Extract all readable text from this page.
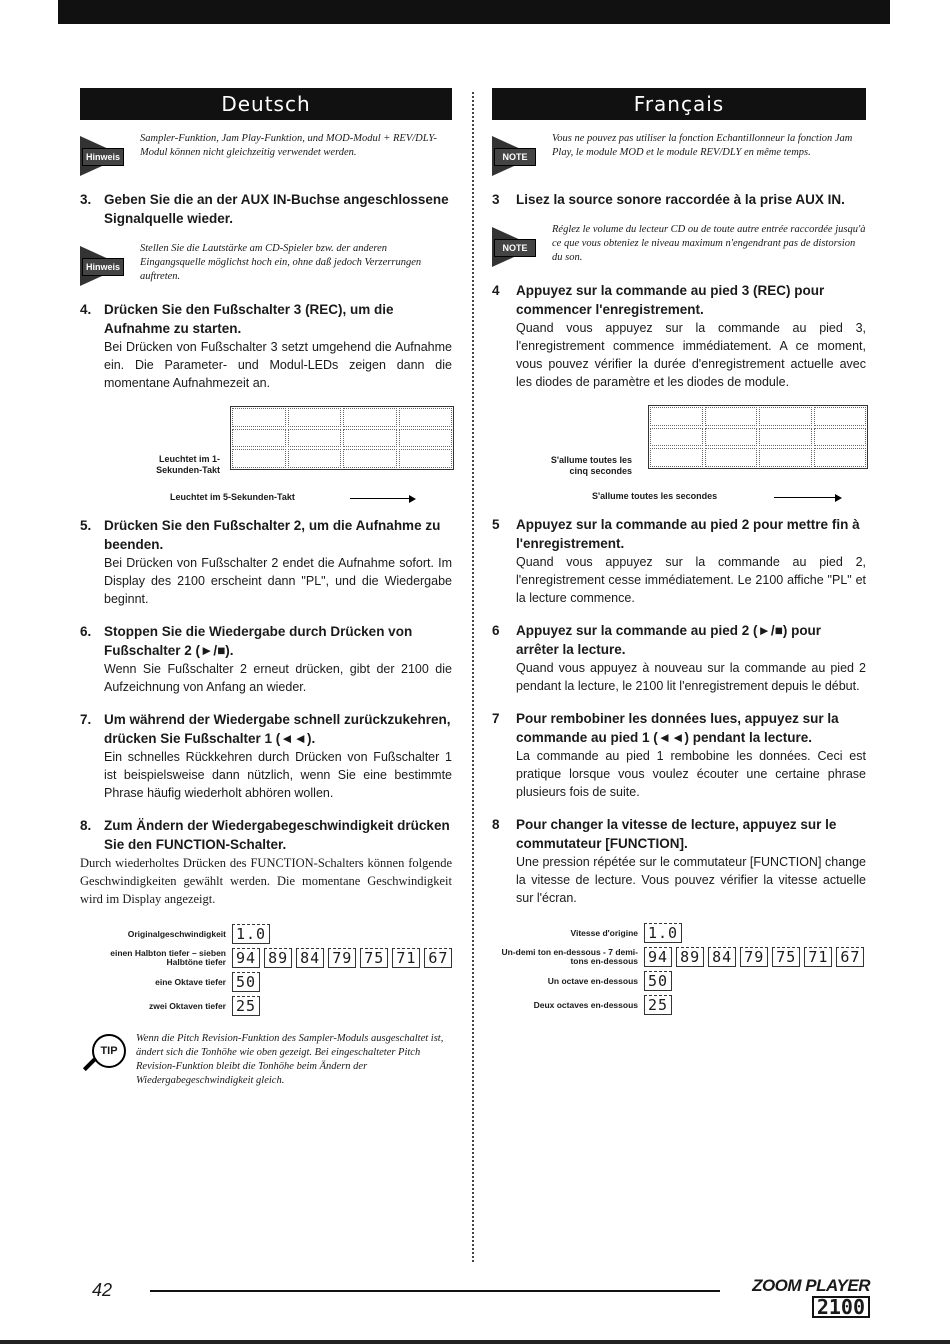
Deutsch
Hinweis
Sampler-Funktion, Jam Play-Funktion, und MOD-Modul + REV/DLY-Modul können nicht gleichzeitig verwendet werden.
3. Geben Sie die an der AUX IN-Buchse angeschlossene Signalquelle wieder.
Hinweis
Stellen Sie die Lautstärke am CD-Spieler bzw. der anderen Eingangsquelle möglichst hoch ein, ohne daß jedoch Verzerrungen auftreten.
4. Drücken Sie den Fußschalter 3 (REC), um die Aufnahme zu starten.
Bei Drücken von Fußschalter 3 setzt umgehend die Aufnahme ein. Die Parameter- und Modul-LEDs zeigen dann die momentane Aufnahmezeit an.
Leuchtet im 1-Sekunden-Takt
Leuchtet im 5-Sekunden-Takt
5. Drücken Sie den Fußschalter 2, um die Aufnahme zu beenden.
Bei Drücken von Fußschalter 2 endet die Aufnahme sofort. Im Display des 2100 erscheint dann "PL", und die Wiedergabe beginnt.
6. Stoppen Sie die Wiedergabe durch Drücken von Fußschalter 2 (►/■).
Wenn Sie Fußschalter 2 erneut drücken, gibt der 2100 die Aufzeichnung von Anfang an wieder.
7. Um während der Wiedergabe schnell zurückzukehren, drücken Sie Fußschalter 1 (◄◄).
Ein schnelles Rückkehren durch Drücken von Fußschalter 1 ist beispielsweise dann nützlich, wenn Sie eine bestimmte Phrase häufig wiederholt abhören wollen.
8. Zum Ändern der Wiedergabegeschwindigkeit drücken Sie den FUNCTION-Schalter.
Durch wiederholtes Drücken des FUNCTION-Schalters können folgende Geschwindigkeiten gewählt werden. Die momentane Geschwindigkeit wird im Display angezeigt.
Originalgeschwindigkeit 1.0
einen Halbton tiefer – sieben Halbtöne tiefer 94 89 84 79 75 71 67
eine Oktave tiefer 50
zwei Oktaven tiefer 25
TIP
Wenn die Pitch Revision-Funktion des Sampler-Moduls ausgeschaltet ist, ändert sich die Tonhöhe wie oben gezeigt. Bei eingeschalteter Pitch Revision-Funktion bleibt die Tonhöhe beim Ändern der Wiedergabegeschwindigkeit gleich.
Français
NOTE
Vous ne pouvez pas utiliser la fonction Echantillonneur la fonction Jam Play, le module MOD et le module REV/DLY en même temps.
3	Lisez la source sonore raccordée à la prise AUX IN.
NOTE
Réglez le volume du lecteur CD ou de toute autre entrée raccordée jusqu'à ce que vous obteniez le niveau maximum n'engendrant pas de distorsion du son.
4	Appuyez sur la commande au pied 3 (REC) pour commencer l'enregistrement.
Quand vous appuyez sur la commande au pied 3, l'enregistrement commence immédiatement. A ce moment, vous pouvez vérifier la durée d'enregistrement actuelle avec les diodes de paramètre et les diodes de module.
S'allume toutes les cinq secondes
S'allume toutes les secondes
5	Appuyez sur la commande au pied 2 pour mettre fin à l'enregistrement.
Quand vous appuyez sur la commande au pied 2, l'enregistrement cesse immédiatement. Le 2100 affiche "PL" et la lecture commence.
6	Appuyez sur la commande au pied 2 (►/■) pour arrêter la lecture.
Quand vous appuyez à nouveau sur la commande au pied 2 pendant la lecture, le 2100 lit l'enregistrement depuis le début.
7	Pour rembobiner les données lues, appuyez sur la commande au pied 1 (◄◄) pendant la lecture.
La commande au pied 1 rembobine les données. Ceci est pratique lorsque vous voulez écouter une certaine phrase plusieurs fois de suite.
8	Pour changer la vitesse de lecture, appuyez sur le commutateur [FUNCTION].
Une pression répétée sur le commutateur [FUNCTION] change la vitesse de lecture. Vous pouvez vérifier la vitesse actuelle sur l'écran.
Vitesse d'origine 1.0
Un-demi ton en-dessous - 7 demi-tons en-dessous 94 89 84 79 75 71 67
Un octave en-dessous 50
Deux octaves en-dessous 25
42	ZOOM PLAYER
2100
